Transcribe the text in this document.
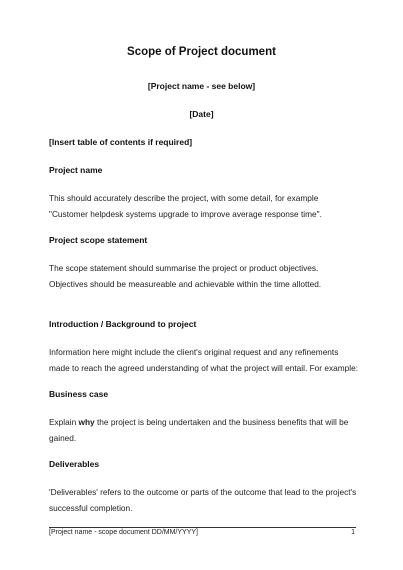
Scope of Project document
[Project name - see below]
[Date]
[Insert table of contents if required]
Project name

This should accurately describe the project, with some detail, for example "Customer helpdesk systems upgrade to improve average response time".

Project scope statement

The scope statement should summarise the project or product objectives. Objectives should be measureable and achievable within the time allotted.

Introduction / Background to project

Information here might include the client's original request and any refinements made to reach the agreed understanding of what the project will entail. For example:

Business case

Explain why the project is being undertaken and the business benefits that will be gained.

Deliverables

'Deliverables' refers to the outcome or parts of the outcome that lead to the project's successful completion.

[Project name - scope document DD/MM/YYYY]	1
